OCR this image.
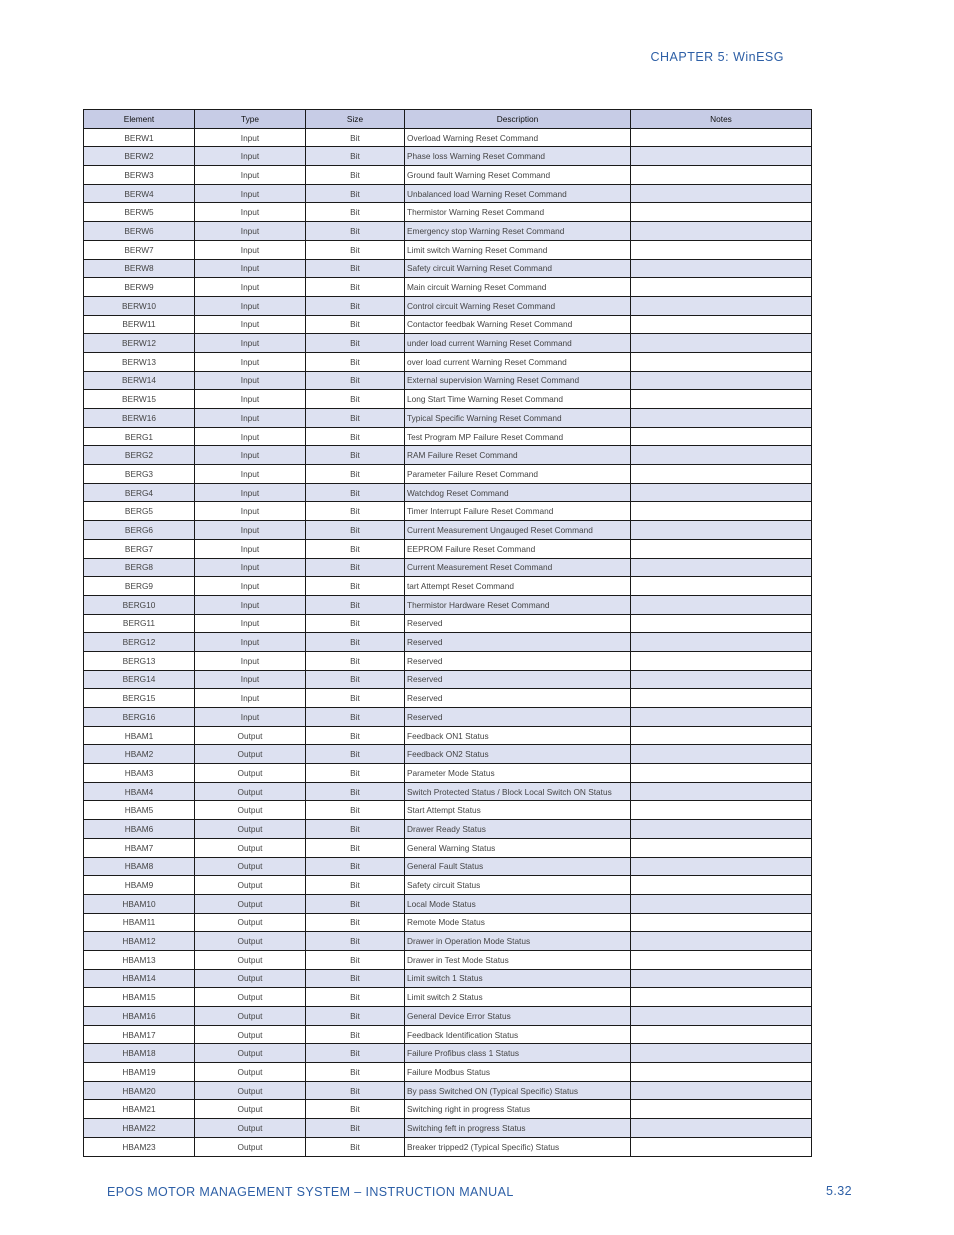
CHAPTER 5: WinESG
Element	Type	Size	Description	Notes
BERW1	Input	Bit	Overload Warning Reset Command	
BERW2	Input	Bit	Phase loss Warning Reset Command	
BERW3	Input	Bit	Ground fault Warning Reset Command	
BERW4	Input	Bit	Unbalanced load Warning Reset Command	
BERW5	Input	Bit	Thermistor Warning Reset Command	
BERW6	Input	Bit	Emergency stop Warning Reset Command	
BERW7	Input	Bit	Limit switch Warning Reset Command	
BERW8	Input	Bit	Safety circuit Warning Reset Command	
BERW9	Input	Bit	Main circuit Warning Reset Command	
BERW10	Input	Bit	Control circuit Warning Reset Command	
BERW11	Input	Bit	Contactor feedbak Warning Reset Command	
BERW12	Input	Bit	under load current Warning Reset Command	
BERW13	Input	Bit	over load current Warning Reset Command	
BERW14	Input	Bit	External supervision Warning Reset Command	
BERW15	Input	Bit	Long Start Time Warning Reset Command	
BERW16	Input	Bit	Typical Specific Warning Reset Command	
BERG1	Input	Bit	Test Program MP Failure Reset Command	
BERG2	Input	Bit	RAM Failure Reset Command	
BERG3	Input	Bit	Parameter Failure Reset Command	
BERG4	Input	Bit	Watchdog Reset Command	
BERG5	Input	Bit	Timer Interrupt Failure Reset Command	
BERG6	Input	Bit	Current Measurement Ungauged Reset Command	
BERG7	Input	Bit	EEPROM Failure Reset Command	
BERG8	Input	Bit	Current Measurement Reset Command	
BERG9	Input	Bit	tart Attempt Reset Command	
BERG10	Input	Bit	Thermistor Hardware Reset Command	
BERG11	Input	Bit	Reserved	
BERG12	Input	Bit	Reserved	
BERG13	Input	Bit	Reserved	
BERG14	Input	Bit	Reserved	
BERG15	Input	Bit	Reserved	
BERG16	Input	Bit	Reserved	
HBAM1	Output	Bit	Feedback ON1 Status	
HBAM2	Output	Bit	Feedback ON2 Status	
HBAM3	Output	Bit	Parameter Mode Status	
HBAM4	Output	Bit	Switch Protected Status / Block Local Switch ON Status	
HBAM5	Output	Bit	Start Attempt Status	
HBAM6	Output	Bit	Drawer Ready Status	
HBAM7	Output	Bit	General Warning Status	
HBAM8	Output	Bit	General Fault Status	
HBAM9	Output	Bit	Safety circuit Status	
HBAM10	Output	Bit	Local Mode Status	
HBAM11	Output	Bit	Remote Mode Status	
HBAM12	Output	Bit	Drawer in Operation Mode Status	
HBAM13	Output	Bit	Drawer in Test Mode Status	
HBAM14	Output	Bit	Limit switch 1 Status	
HBAM15	Output	Bit	Limit switch 2 Status	
HBAM16	Output	Bit	General Device Error Status	
HBAM17	Output	Bit	Feedback Identification Status	
HBAM18	Output	Bit	Failure Profibus class 1 Status	
HBAM19	Output	Bit	Failure Modbus Status	
HBAM20	Output	Bit	By pass Switched ON (Typical Specific) Status	
HBAM21	Output	Bit	Switching right in progress Status	
HBAM22	Output	Bit	Switching feft in progress Status	
HBAM23	Output	Bit	Breaker tripped2 (Typical Specific) Status	
EPOS MOTOR MANAGEMENT SYSTEM – INSTRUCTION MANUAL	5.32
